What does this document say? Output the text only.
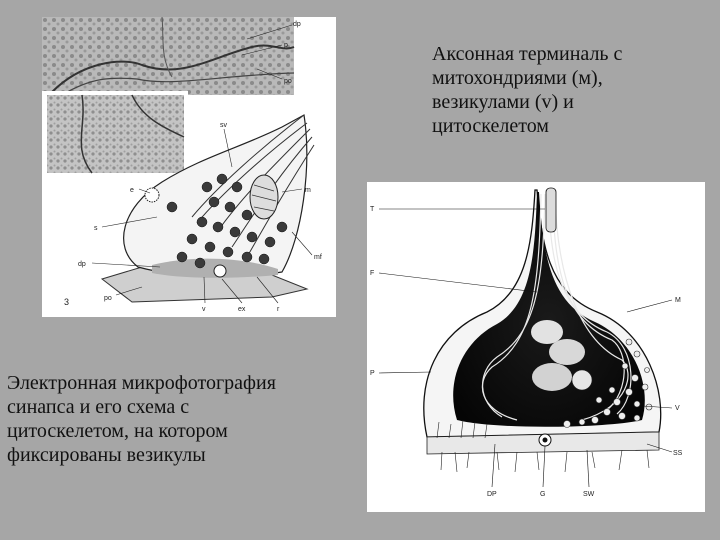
dp
p
po
sv
e	m
s
mf
dp
po
v	ex	r
3

Аксонная терминаль с
митохондриями (м),
везикулами (v) и
цитоскелетом

T
F
M
P
V
SS
DP	G	SW

Электронная микрофотография
синапса и его схема с
цитоскелетом, на котором
фиксированы везикулы
